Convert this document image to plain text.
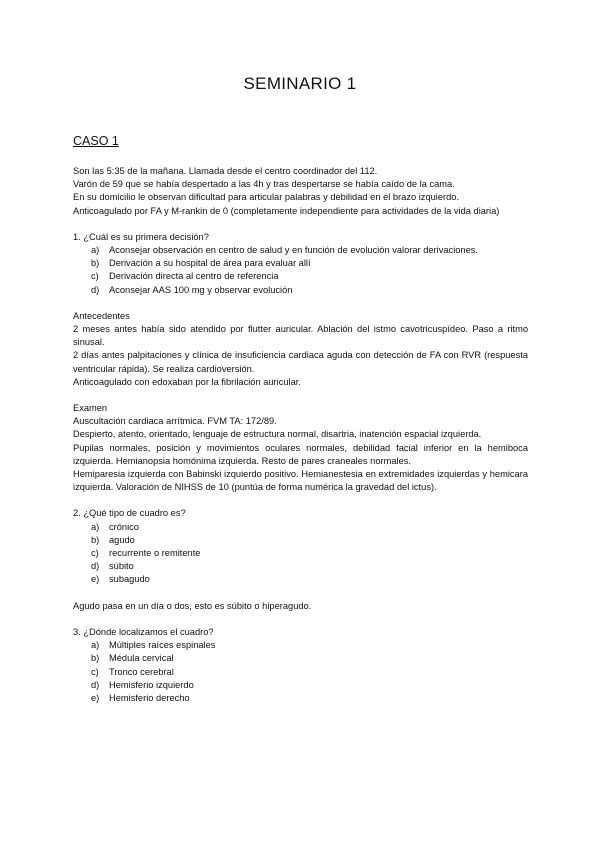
SEMINARIO 1
CASO 1

Son las 5:35 de la mañana. Llamada desde el centro coordinador del 112.

Varón de 59 que se había despertado a las 4h y tras despertarse se había caído de la cama.

En su domicilio le observan dificultad para articular palabras y debilidad en el brazo izquierdo.

Anticoagulado por FA y M-rankin de 0 (completamente independiente para actividades de la vida diaria)

1. ¿Cuál es su primera decisión?

a)	Aconsejar observación en centro de salud y en función de evolución valorar derivaciones.
b)	Derivación a su hospital de área para evaluar allí
c)	Derivación directa al centro de referencia
d)	Aconsejar AAS 100 mg y observar evolución

Antecedentes

2 meses antes había sido atendido por flutter auricular. Ablación del istmo cavotricuspídeo. Paso a ritmo sinusal.

2 días antes palpitaciones y clínica de insuficiencia cardiaca aguda con detección de FA con RVR (respuesta ventricular rápida). Se realiza cardioversión.

Anticoagulado con edoxaban por la fibrilación auricular.

Examen

Auscultación cardiaca arrítmica. FVM TA: 172/89.

Despierto, atento, orientado, lenguaje de estructura normal, disartria, inatención espacial izquierda.

Pupilas normales, posición y movimientos oculares normales, debilidad facial inferior en la hemiboca izquierda. Hemianopsia homónima izquierda. Resto de pares craneales normales.

Hemiparesia izquierda con Babinski izquierdo positivo. Hemianestesia en extremidades izquierdas y hemicara izquierda. Valoración de NIHSS de 10 (puntúa de forma numérica la gravedad del ictus).

2. ¿Qué tipo de cuadro es?

a)	crónico
b)	agudo
c)	recurrente o remitente
d)	súbito
e)	subagudo

Agudo pasa en un día o dos, esto es súbito o hiperagudo.

3. ¿Dónde localizamos el cuadro?

a)	Múltiples raíces espinales
b)	Médula cervical
c)	Tronco cerebral
d)	Hemisferio izquierdo
e)	Hemisferio derecho
